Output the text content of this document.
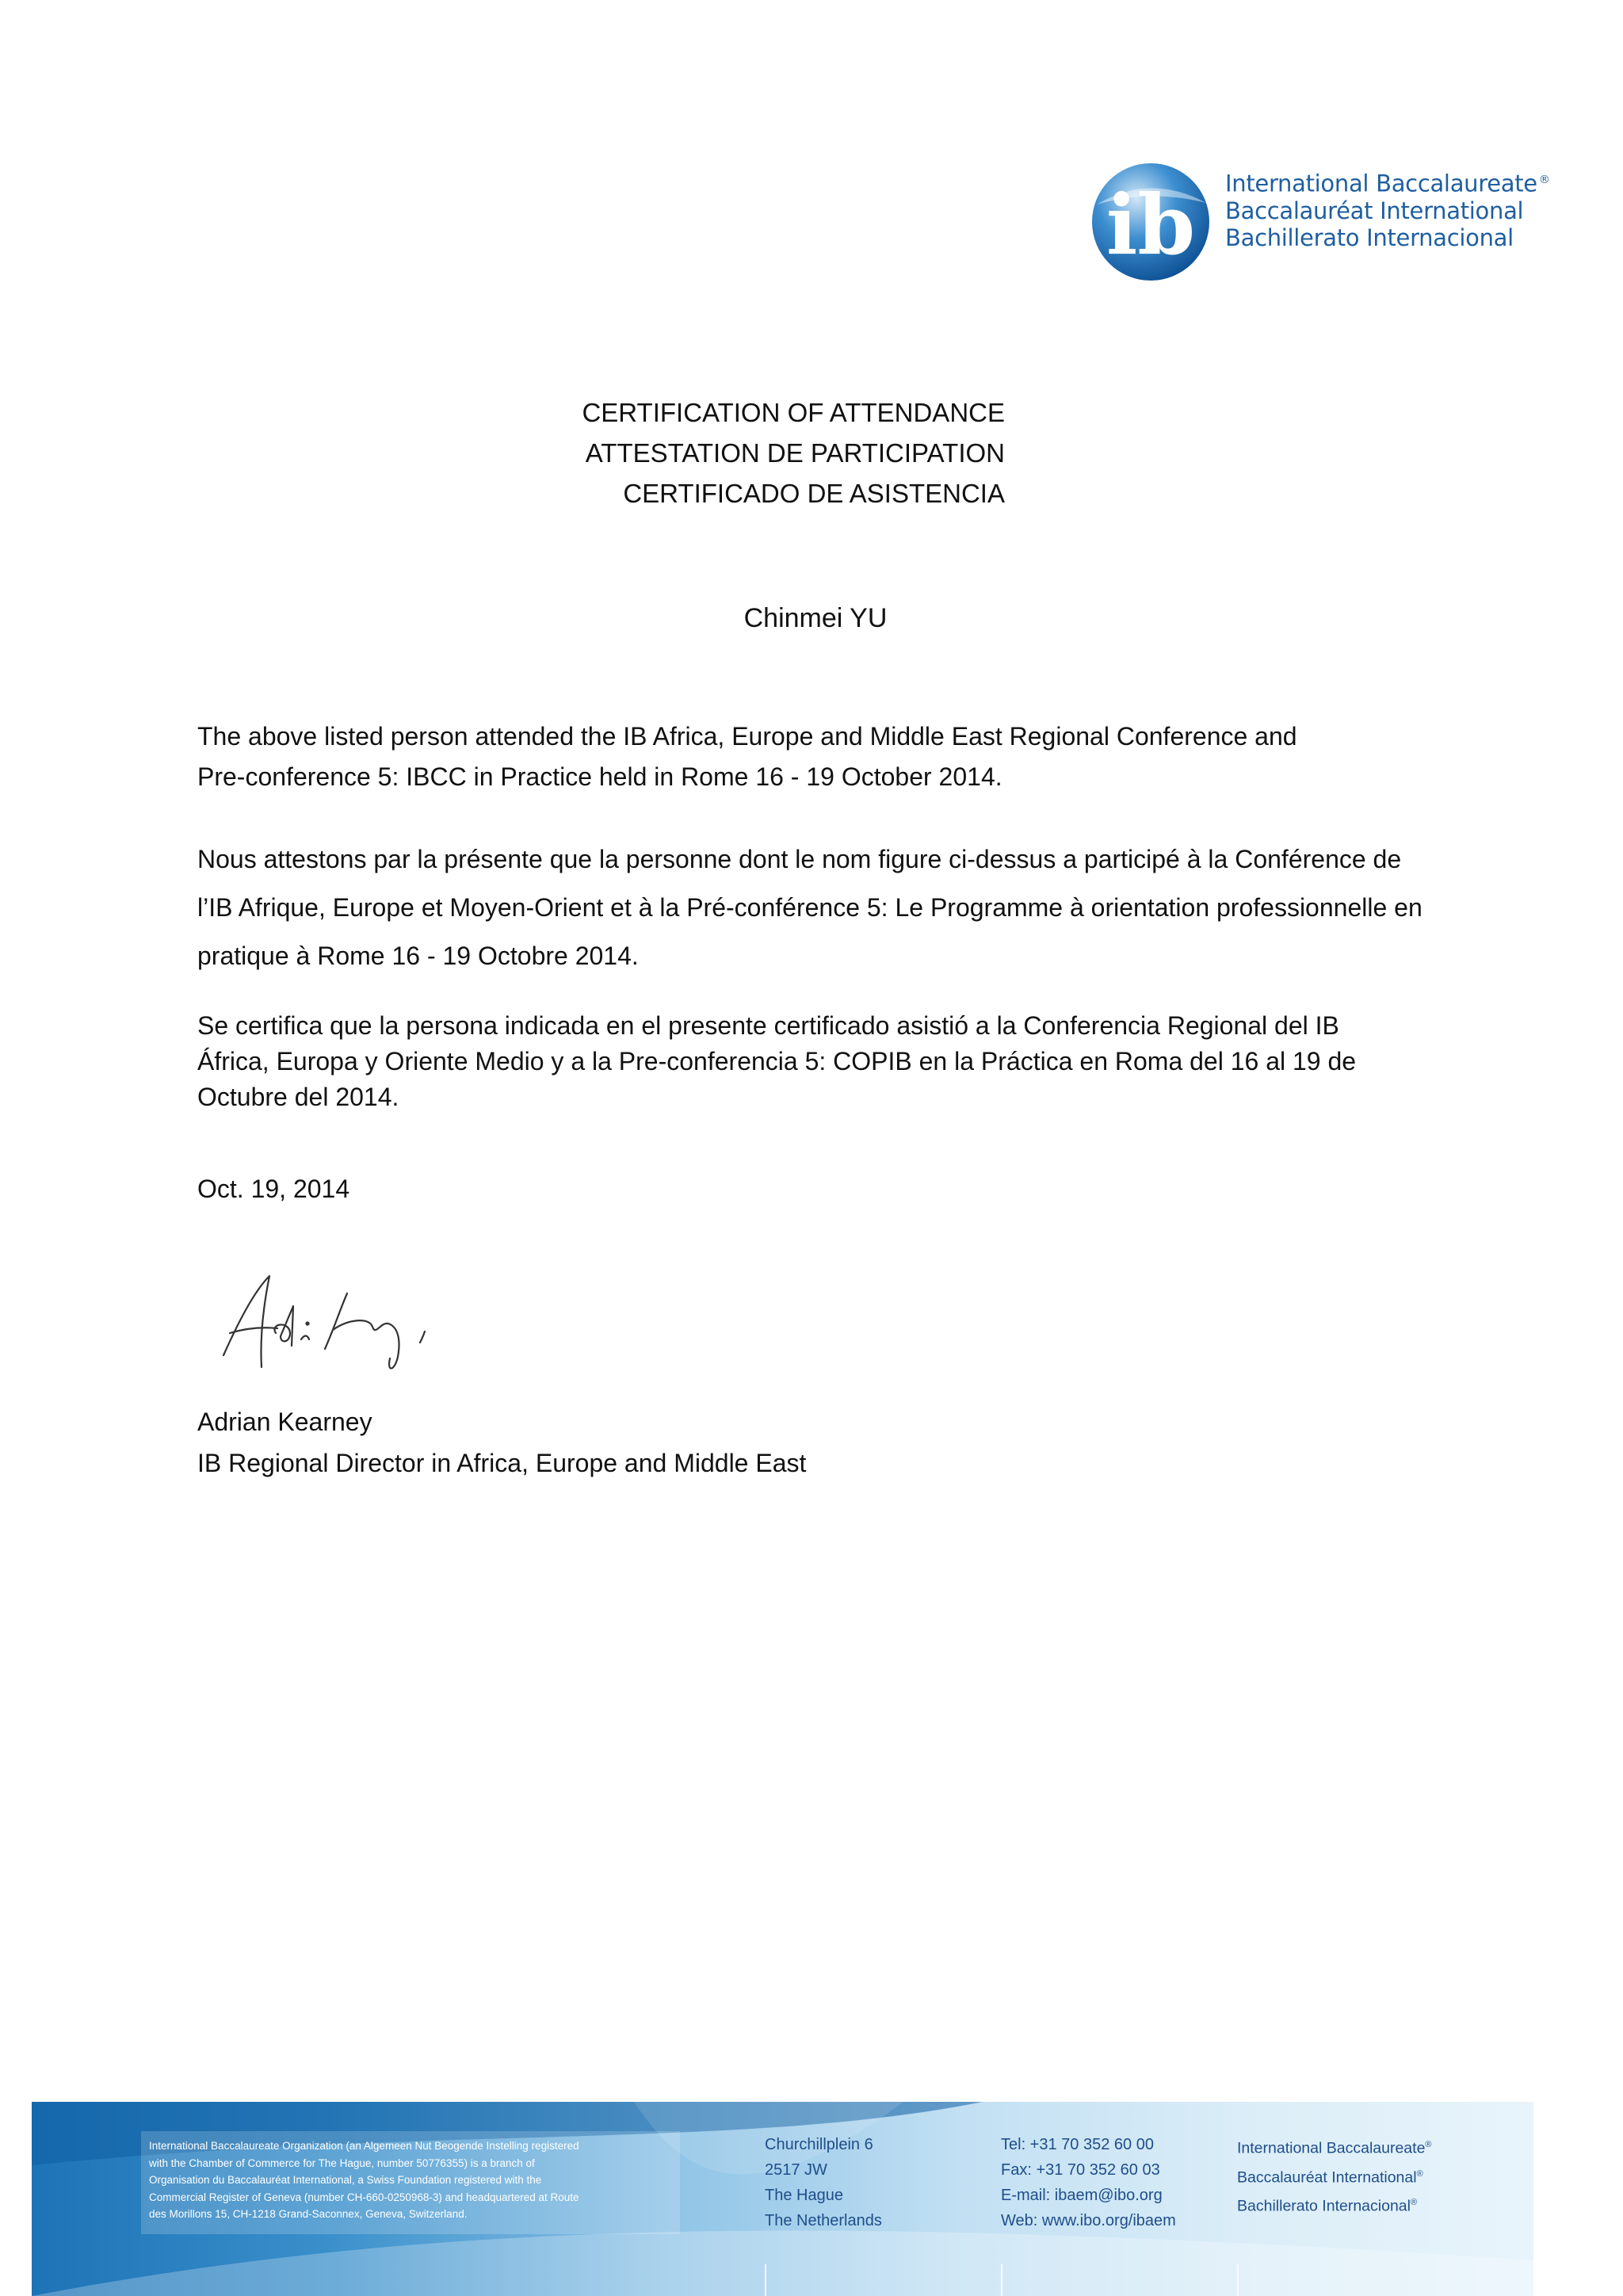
ib International Baccalaureate ®
Baccalauréat International
Bachillerato Internacional
CERTIFICATION OF ATTENDANCE
ATTESTATION DE PARTICIPATION
CERTIFICADO DE ASISTENCIA
Chinmei YU
The above listed person attended the IB Africa, Europe and Middle East Regional Conference and
Pre-conference 5: IBCC in Practice held in Rome 16 - 19 October 2014.
Nous attestons par la présente que la personne dont le nom figure ci-dessus a participé à la Conférence de
l’IB Afrique, Europe et Moyen-Orient et à la Pré-conférence 5: Le Programme à orientation professionnelle en
pratique à Rome 16 - 19 Octobre 2014.
Se certifica que la persona indicada en el presente certificado asistió a la Conferencia Regional del IB
África, Europa y Oriente Medio y a la Pre-conferencia 5: COPIB en la Práctica en Roma del 16 al 19 de
Octubre del 2014.
Oct. 19, 2014
Adrian Kearney
IB Regional Director in Africa, Europe and Middle East
International Baccalaureate Organization (an Algemeen Nut Beogende Instelling registered
with the Chamber of Commerce for The Hague, number 50776355) is a branch of
Organisation du Baccalauréat International, a Swiss Foundation registered with the
Commercial Register of Geneva (number CH-660-0250968-3) and headquartered at Route
des Morillons 15, CH-1218 Grand-Saconnex, Geneva, Switzerland.
Churchillplein 6
2517 JW
The Hague
The Netherlands
Tel: +31 70 352 60 00
Fax: +31 70 352 60 03
E-mail: ibaem@ibo.org
Web: www.ibo.org/ibaem
International Baccalaureate®
Baccalauréat International®
Bachillerato Internacional®
